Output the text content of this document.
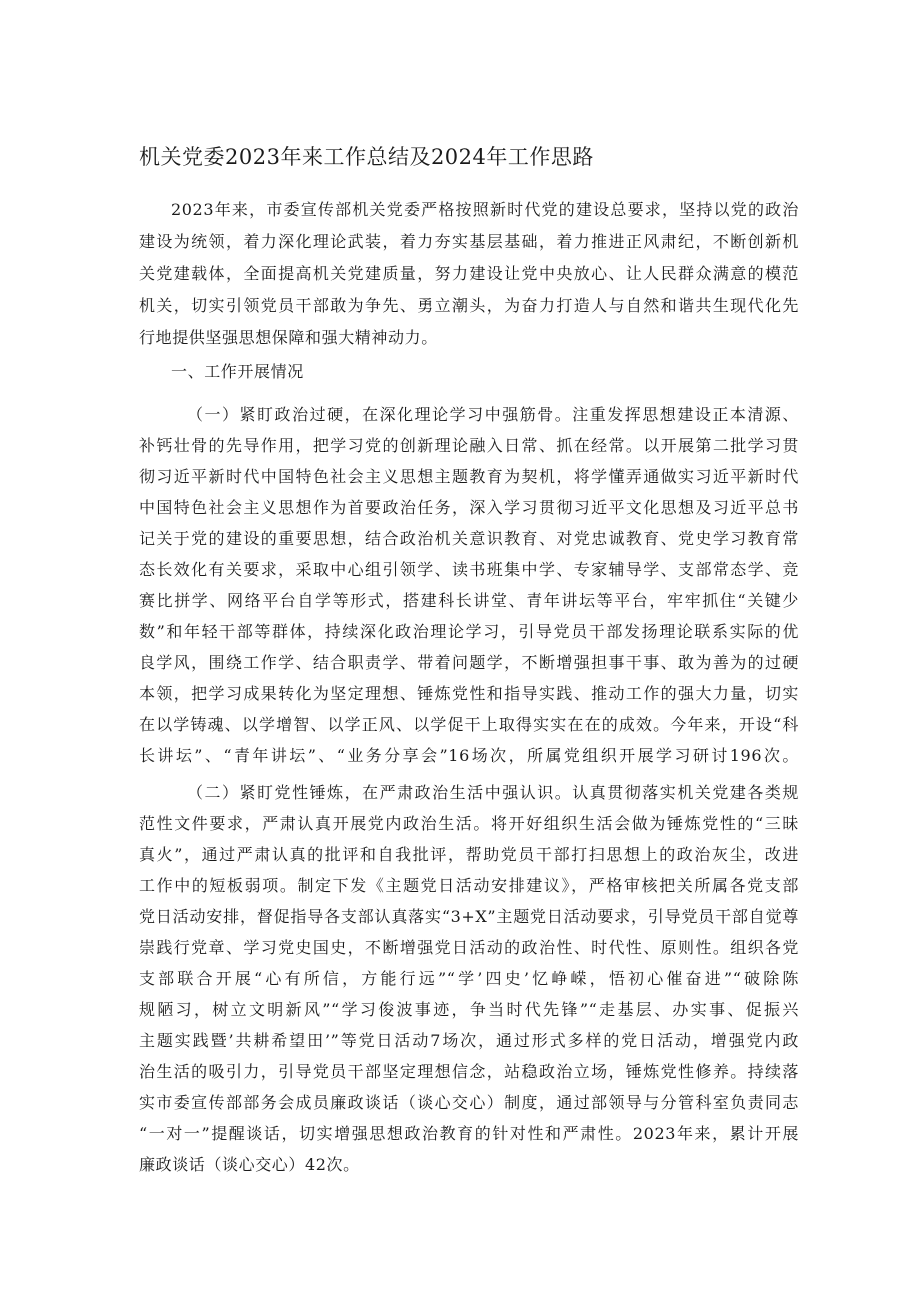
机关党委2023年来工作总结及2024年工作思路
2023年来，市委宣传部机关党委严格按照新时代党的建设总要求，坚持以党的政治
建设为统领，着力深化理论武装，着力夯实基层基础，着力推进正风肃纪，不断创新机
关党建载体，全面提高机关党建质量，努力建设让党中央放心、让人民群众满意的模范
机关，切实引领党员干部敢为争先、勇立潮头，为奋力打造人与自然和谐共生现代化先
行地提供坚强思想保障和强大精神动力。
一、工作开展情况
（一）紧盯政治过硬，在深化理论学习中强筋骨。注重发挥思想建设正本清源、
补钙壮骨的先导作用，把学习党的创新理论融入日常、抓在经常。以开展第二批学习贯
彻习近平新时代中国特色社会主义思想主题教育为契机，将学懂弄通做实习近平新时代
中国特色社会主义思想作为首要政治任务，深入学习贯彻习近平文化思想及习近平总书
记关于党的建设的重要思想，结合政治机关意识教育、对党忠诚教育、党史学习教育常
态长效化有关要求，采取中心组引领学、读书班集中学、专家辅导学、支部常态学、竞
赛比拼学、网络平台自学等形式，搭建科长讲堂、青年讲坛等平台，牢牢抓住“关键少
数”和年轻干部等群体，持续深化政治理论学习，引导党员干部发扬理论联系实际的优
良学风，围绕工作学、结合职责学、带着问题学，不断增强担事干事、敢为善为的过硬
本领，把学习成果转化为坚定理想、锤炼党性和指导实践、推动工作的强大力量，切实
在以学铸魂、以学增智、以学正风、以学促干上取得实实在在的成效。今年来，开设“科
长讲坛”、“青年讲坛”、“业务分享会”16场次，所属党组织开展学习研讨196次。
（二）紧盯党性锤炼，在严肃政治生活中强认识。认真贯彻落实机关党建各类规
范性文件要求，严肃认真开展党内政治生活。将开好组织生活会做为锤炼党性的“三昧
真火”，通过严肃认真的批评和自我批评，帮助党员干部打扫思想上的政治灰尘，改进
工作中的短板弱项。制定下发《主题党日活动安排建议》，严格审核把关所属各党支部
党日活动安排，督促指导各支部认真落实“3+X”主题党日活动要求，引导党员干部自觉尊
崇践行党章、学习党史国史，不断增强党日活动的政治性、时代性、原则性。组织各党
支部联合开展“心有所信，方能行远”“学’四史’忆峥嵘，悟初心催奋进”“破除陈
规陋习，树立文明新风”“学习俊波事迹，争当时代先锋”“走基层、办实事、促振兴
主题实践暨’共耕希望田’”等党日活动7场次，通过形式多样的党日活动，增强党内政
治生活的吸引力，引导党员干部坚定理想信念，站稳政治立场，锤炼党性修养。持续落
实市委宣传部部务会成员廉政谈话（谈心交心）制度，通过部领导与分管科室负责同志
“一对一”提醒谈话，切实增强思想政治教育的针对性和严肃性。2023年来，累计开展
廉政谈话（谈心交心）42次。
